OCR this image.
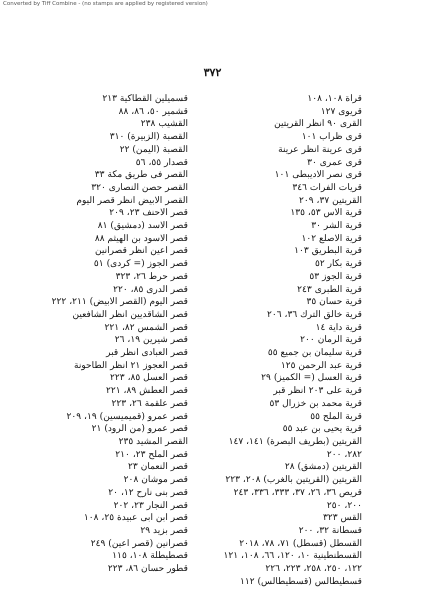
Converted by Tiff Combine - (no stamps are applied by registered version)
٣٧٢
قراة ١٠٨، ١٠٨
قريوى ١٢٧
القرى ٩٠ انظر القريتين
قرى ظراب ١٠١
قرى عرينة انظر عرينة
قرى عمرى ٣٠
قرى نصر الاديبطى ١٠١
قريات الفرات ٣٤٦
القريتين ٣٧، ٢٠٩
قرية الاس ٥٣، ١٣٥
قرية الشر ٣٠
قرية الاصلع ١٠٢
قرية البطريق ١٠٣
قرية بكار ٥٢
قرية الجوز ٥٣
قرية الطبرى ٢٤٣
قرية حسان ٣٥
قرية خالق الترك ٣٦، ٢٠٦
قرية داية ١٤
قرية الرمان ٢٠٠
قرية سليمان بن جميع ٥٥
قرية عبد الرحمن ١٢٥
قرية العسل (= الكميز) ٢٩
قرية على ٢٠٣ انظر قبر
قرية محمد بن خزرال ٥٣
قرية الملح ٥٥
قرية يحيى بن عبد ٥٥
القريتين (بطريف البصرة) ١٤١، ١٤٧
٢٨٢، ٢٠٠
القريتين (دمشق) ٢٨
القريتين (القريتين بالغرب) ٢٠٨، ٢٢٣
قريص ٣٦، ٢٦، ٣٧، ٣٣٣، ٣٣٦، ٢٤٣
٢٠٠، ٢٥٠
القس ٣٢٣
قسطانة ٣٢، ٢٠٠
القسطل (قسطل) ٧١، ٧٨، ٢٠١٨
القسطنطينية ١٠، ١٢٠، ٦٦، ١٠٨، ١٢١
١٢٢، ٢٥٠، ٢٥٨، ٢٢٣، ٢٢٦
قسطيطالس (قسطيطالس) ١١٢
قسميلين القطاكية ٢١٣
قشمير ٥٠، ٨٦، ٨٨
القشيب ٢٣٨
القصبة (الزبيرة) ٣١٠
القصبة (اليمن) ٢٢
قصدار ٥٥، ٥٦
القصر فى طريق مكة ٣٣
القصر حصن النصارى ٣٢٠
القصر الابيض انظر قصر اليوم
قصر الاحنف ٢٣، ٢٠٩
قصر الاسد (دمشيق) ٨١
قصر الاسود بن الهيثم ٨٨
قصر اعين انظر قصرانين
قصر الجوز (= كردى) ٥١
قصر حرط ٢٦، ٣٢٣
قصر الدرى ٨٥، ٢٢٠
قصر اليوم (القصر الابيض) ٢١١، ٢٢٢
قصر الشاقديين انظر الشافعين
قصر الشمس ٨٢، ٢٢١
قصر شيرين ١٩، ٢٦
قصر العبادى انظر قبر
قصر العجوز ٢١ انظر الطاحونة
قصر العسل ٨٥، ٢٢٣
قصر العطش ٨٩، ٢٢١
قصر علقمة ٢٦، ٢٢٣
قصر عمرو (قميميسين) ١٩، ٢٠٩
قصر عمرو (من الرود) ٢١
القصر المشيد ٢٣٥
قصر الملح ٢٣، ٢١٠
قصر النعمان ٢٣
قصر موشان ٢٠٨
قصر بنى نارح ١٢، ٢٠
قصر النجار ٢٣، ٢٠٢
قصر ابن ابى عبيدة ٢٥، ١٠٨
قصر بزيد ٢٩
قصرانين (قصر اعين) ٢٤٩
قصطيطلة ١٠٨، ١١٥
قطور حسان ٨٦، ٢٢٣
